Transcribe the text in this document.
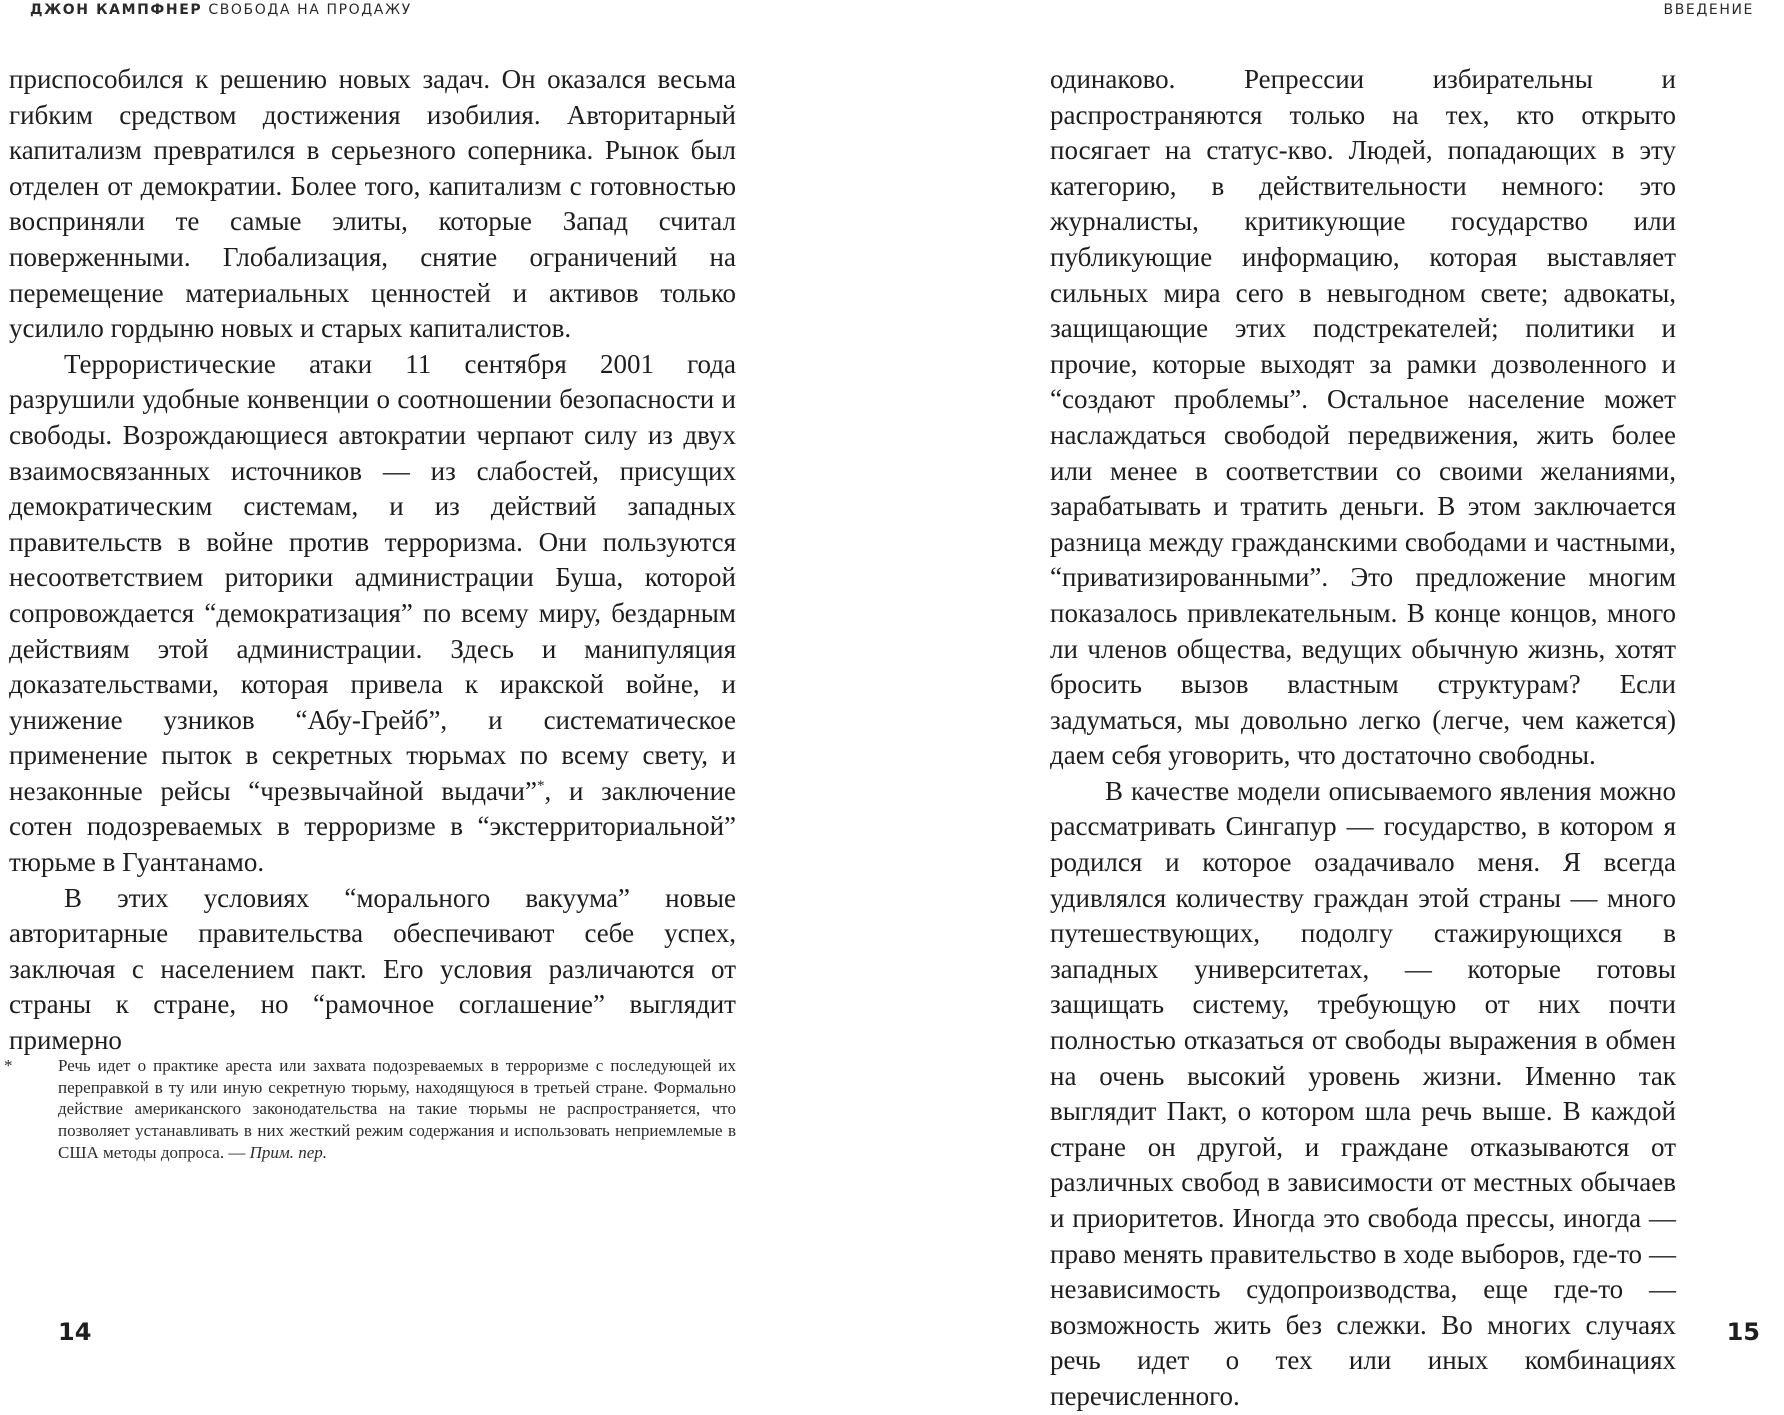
ДЖОН КАМПФНЕР СВОБОДА НА ПРОДАЖУ

приспособился к решению новых задач. Он оказался весьма гибким средством достижения изобилия. Авторитарный капитализм превратился в серьезного соперника. Рынок был отделен от демократии. Более того, капитализм с готовностью восприняли те самые элиты, которые Запад считал поверженными. Глобализация, снятие ограничений на перемещение материальных ценностей и активов только усилило гордыню новых и старых капиталистов.

Террористические атаки 11 сентября 2001 года разрушили удобные конвенции о соотношении безопасности и свободы. Возрождающиеся автократии черпают силу из двух взаимосвязанных источников — из слабостей, присущих демократическим системам, и из действий западных правительств в войне против терроризма. Они пользуются несоответствием риторики администрации Буша, которой сопровождается “демократизация” по всему миру, бездарным действиям этой администрации. Здесь и манипуляция доказательствами, которая привела к иракской войне, и унижение узников “Абу-Грейб”, и систематическое применение пыток в секретных тюрьмах по всему свету, и незаконные рейсы “чрезвычайной выдачи”*, и заключение сотен подозреваемых в терроризме в “экстерриториальной” тюрьме в Гуантанамо.

В этих условиях “морального вакуума” новые авторитарные правительства обеспечивают себе успех, заключая с населением пакт. Его условия различаются от страны к стране, но “рамочное соглашение” выглядит примерно

*	Речь идет о практике ареста или захвата подозреваемых в терроризме с последующей их переправкой в ту или иную секретную тюрьму, находящуюся в третьей стране. Формально действие американского законодательства на такие тюрьмы не распространяется, что позволяет устанавливать в них жесткий режим содержания и использовать неприемлемые в США методы допроса. — Прим. пер.
14
ВВЕДЕНИЕ

одинаково. Репрессии избирательны и распространяются только на тех, кто открыто посягает на статус-кво. Людей, попадающих в эту категорию, в действительности немного: это журналисты, критикующие государство или публикующие информацию, которая выставляет сильных мира сего в невыгодном свете; адвокаты, защищающие этих подстрекателей; политики и прочие, которые выходят за рамки дозволенного и “создают проблемы”. Остальное население может наслаждаться свободой передвижения, жить более или менее в соответствии со своими желаниями, зарабатывать и тратить деньги. В этом заключается разница между гражданскими свободами и частными, “приватизированными”. Это предложение многим показалось привлекательным. В конце концов, много ли членов общества, ведущих обычную жизнь, хотят бросить вызов властным структурам? Если задуматься, мы довольно легко (легче, чем кажется) даем себя уговорить, что достаточно свободны.

В качестве модели описываемого явления можно рассматривать Сингапур — государство, в котором я родился и которое озадачивало меня. Я всегда удивлялся количеству граждан этой страны — много путешествующих, подолгу стажирующихся в западных университетах, — которые готовы защищать систему, требующую от них почти полностью отказаться от свободы выражения в обмен на очень высокий уровень жизни. Именно так выглядит Пакт, о котором шла речь выше. В каждой стране он другой, и граждане отказываются от различных свобод в зависимости от местных обычаев и приоритетов. Иногда это свобода прессы, иногда — право менять правительство в ходе выборов, где-то — независимость судопроизводства, еще где-то — возможность жить без слежки. Во многих случаях речь идет о тех или иных комбинациях перечисленного.

15
